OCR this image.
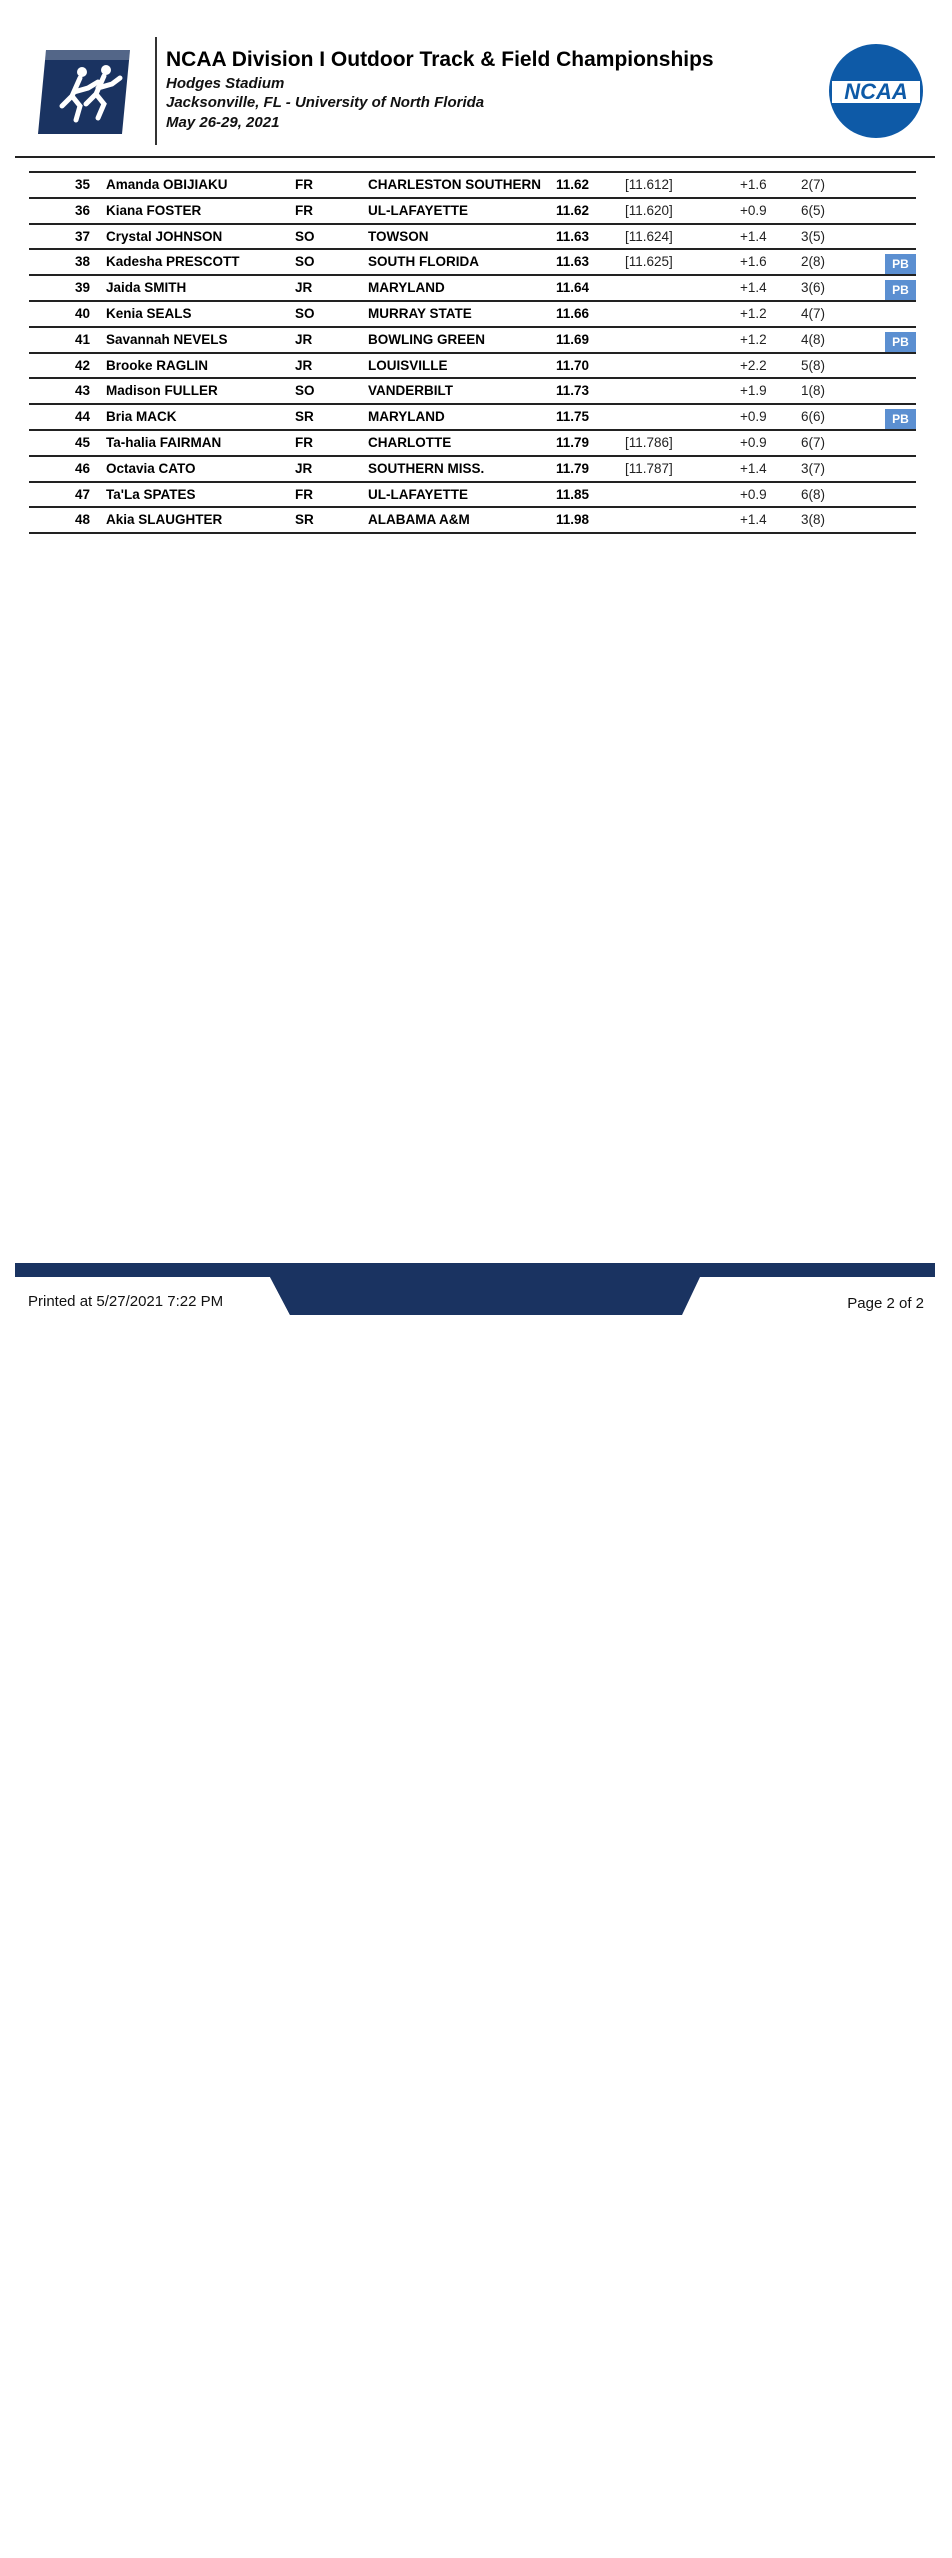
NCAA Division I Outdoor Track & Field Championships
Hodges Stadium
Jacksonville, FL - University of North Florida
May 26-29, 2021
NCAA
35 Amanda OBIJIAKU	FR	CHARLESTON SOUTHERN 11.62	[11.612]	+1.6	2(7)
36 Kiana FOSTER	FR	UL-LAFAYETTE	11.62	[11.620]	+0.9	6(5)
37 Crystal JOHNSON	SO	TOWSON	11.63	[11.624]	+1.4	3(5)
38 Kadesha PRESCOTT	SO	SOUTH FLORIDA	11.63	[11.625]	+1.6	2(8)	PB
39 Jaida SMITH	JR	MARYLAND	11.64	+1.4	3(6)	PB
40 Kenia SEALS	SO	MURRAY STATE	11.66	+1.2	4(7)
41 Savannah NEVELS	JR	BOWLING GREEN	11.69	+1.2	4(8)	PB
42 Brooke RAGLIN	JR	LOUISVILLE	11.70	+2.2	5(8)
43 Madison FULLER	SO	VANDERBILT	11.73	+1.9	1(8)
44 Bria MACK	SR	MARYLAND	11.75	+0.9	6(6)	PB
45 Ta-halia FAIRMAN	FR	CHARLOTTE	11.79	[11.786]	+0.9	6(7)
46 Octavia CATO	JR	SOUTHERN MISS.	11.79	[11.787]	+1.4	3(7)
47 Ta'La SPATES	FR	UL-LAFAYETTE	11.85	+0.9	6(8)
48 Akia SLAUGHTER	SR	ALABAMA A&M	11.98	+1.4	3(8)
Results available at www.flashresults.com
Printed at 5/27/2021 7:22 PM	Page 2 of 2
